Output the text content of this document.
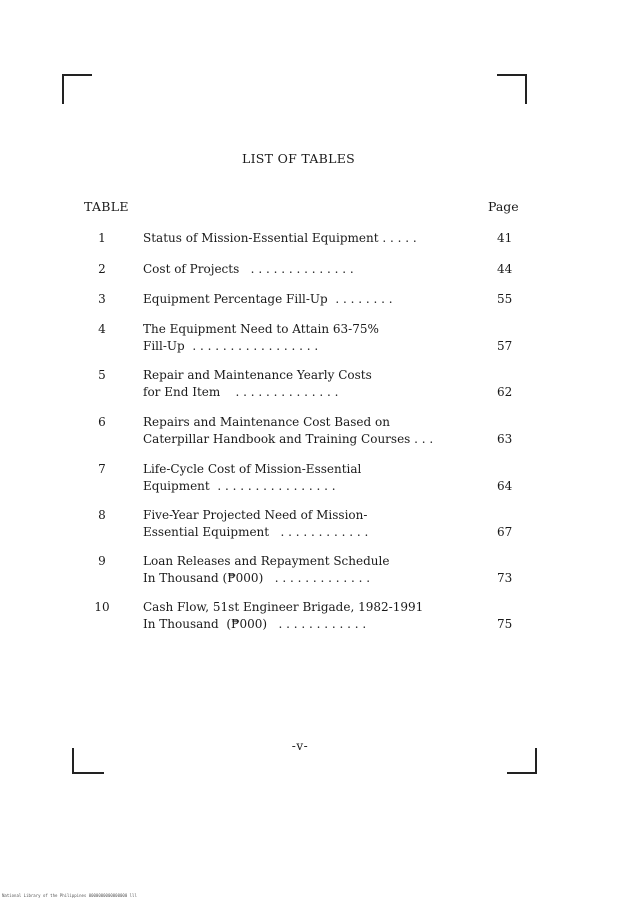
LIST OF TABLES
TABLE	Page
1	Status of Mission-Essential Equipment . . . . .	41
2	Cost of Projects   . . . . . . . . . . . . . .	44
3	Equipment Percentage Fill-Up  . . . . . . . .	55
4	The Equipment Need to Attain 63-75%
Fill-Up  . . . . . . . . . . . . . . . . .	57
5	Repair and Maintenance Yearly Costs
for End Item    . . . . . . . . . . . . . .	62
6	Repairs and Maintenance Cost Based on
Caterpillar Handbook and Training Courses . . .	63
7	Life-Cycle Cost of Mission-Essential
Equipment  . . . . . . . . . . . . . . . .	64
8	Five-Year Projected Need of Mission-
Essential Equipment   . . . . . . . . . . . .	67
9	Loan Releases and Repayment Schedule
In Thousand (₱000)   . . . . . . . . . . . . .	73
10	Cash Flow, 51st Engineer Brigade, 1982-1991
In Thousand  (₱000)   . . . . . . . . . . . .	75
-v-
National Library of the Philippines 0000000000000000 lll
